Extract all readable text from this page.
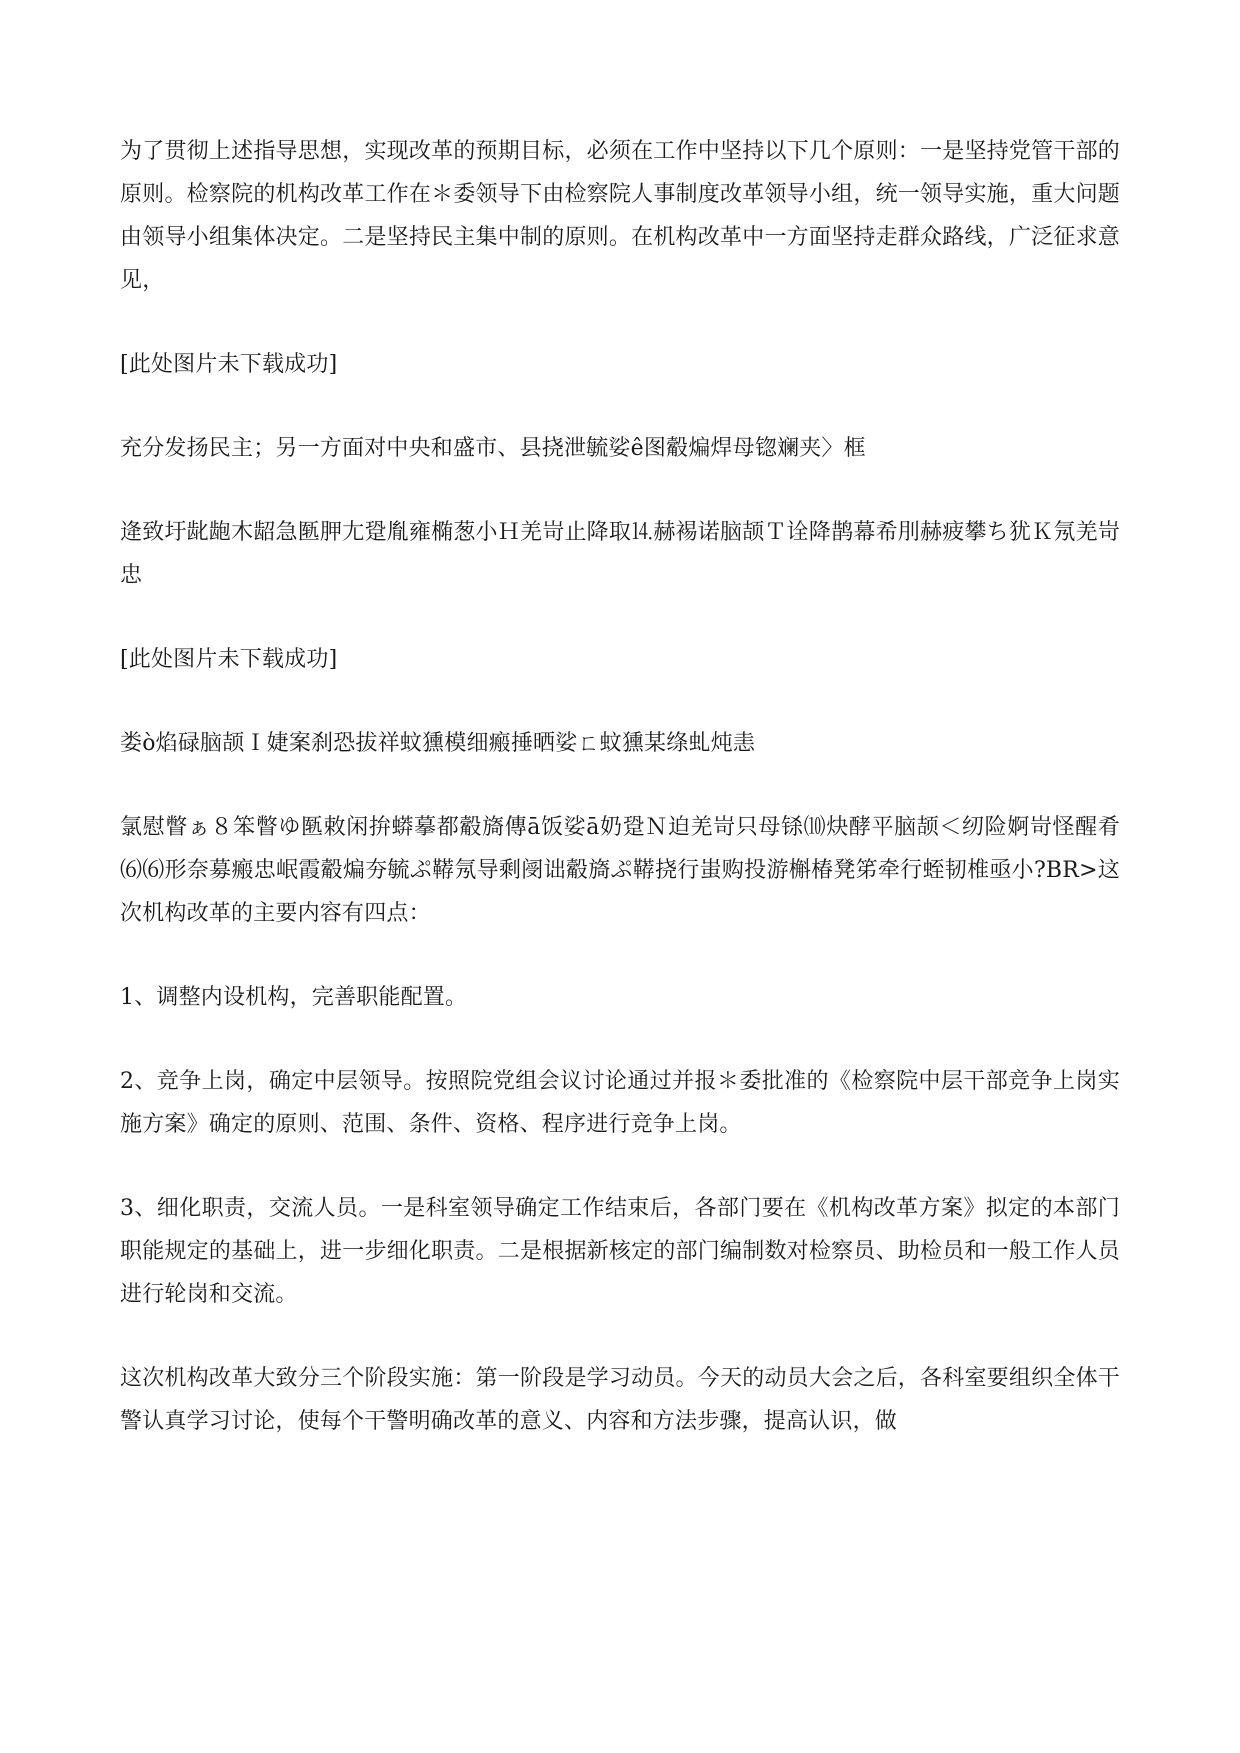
为了贯彻上述指导思想，实现改革的预期目标，必须在工作中坚持以下几个原则：一是坚持党管干部的原则。检察院的机构改革工作在＊委领导下由检察院人事制度改革领导小组，统一领导实施，重大问题由领导小组集体决定。二是坚持民主集中制的原则。在机构改革中一方面坚持走群众路线，广泛征求意见，

[此处图片未下载成功]

充分发扬民主；另一方面对中央和盛市、县挠泄毓娑ê图觳煸焊母锪斓夹〉框

逄致圩龀龅木龆急匦胛尢跫胤雍椭葱小Ｈ羌岢止降取⒕赫裼诺脑颉Ｔ诠降鹊幕希刖赫疲攀ち犹Ｋ氖羌岢忠

[此处图片未下载成功]

娄ò焰碌脑颉Ｉ婕案刹恐拔祥蚊獯模细瘢捶晒娑ㄈ蚊獯某绦虬炖恚

氯慰瞥ぁ８笨瞥ゆ匦敕闲拚蟒摹都觳旖傳ā饭娑ā奶跫Ｎ迫羌岢只母铩⑽炔酵平脑颉＜纫险婀岢怪醒肴⑹⑹形奈募瘢忠岷霞觳煸夯毓ぷ鞯氖导剩阌诎觳旖ぷ鞯挠行蚩购投游槲椿凳笫牵行蛭韧椎亟小?BR>这次机构改革的主要内容有四点：

1、调整内设机构，完善职能配置。

2、竞争上岗，确定中层领导。按照院党组会议讨论通过并报＊委批准的《检察院中层干部竞争上岗实施方案》确定的原则、范围、条件、资格、程序进行竞争上岗。

3、细化职责，交流人员。一是科室领导确定工作结束后，各部门要在《机构改革方案》拟定的本部门职能规定的基础上，进一步细化职责。二是根据新核定的部门编制数对检察员、助检员和一般工作人员进行轮岗和交流。

这次机构改革大致分三个阶段实施：第一阶段是学习动员。今天的动员大会之后，各科室要组织全体干警认真学习讨论，使每个干警明确改革的意义、内容和方法步骤，提高认识，做
